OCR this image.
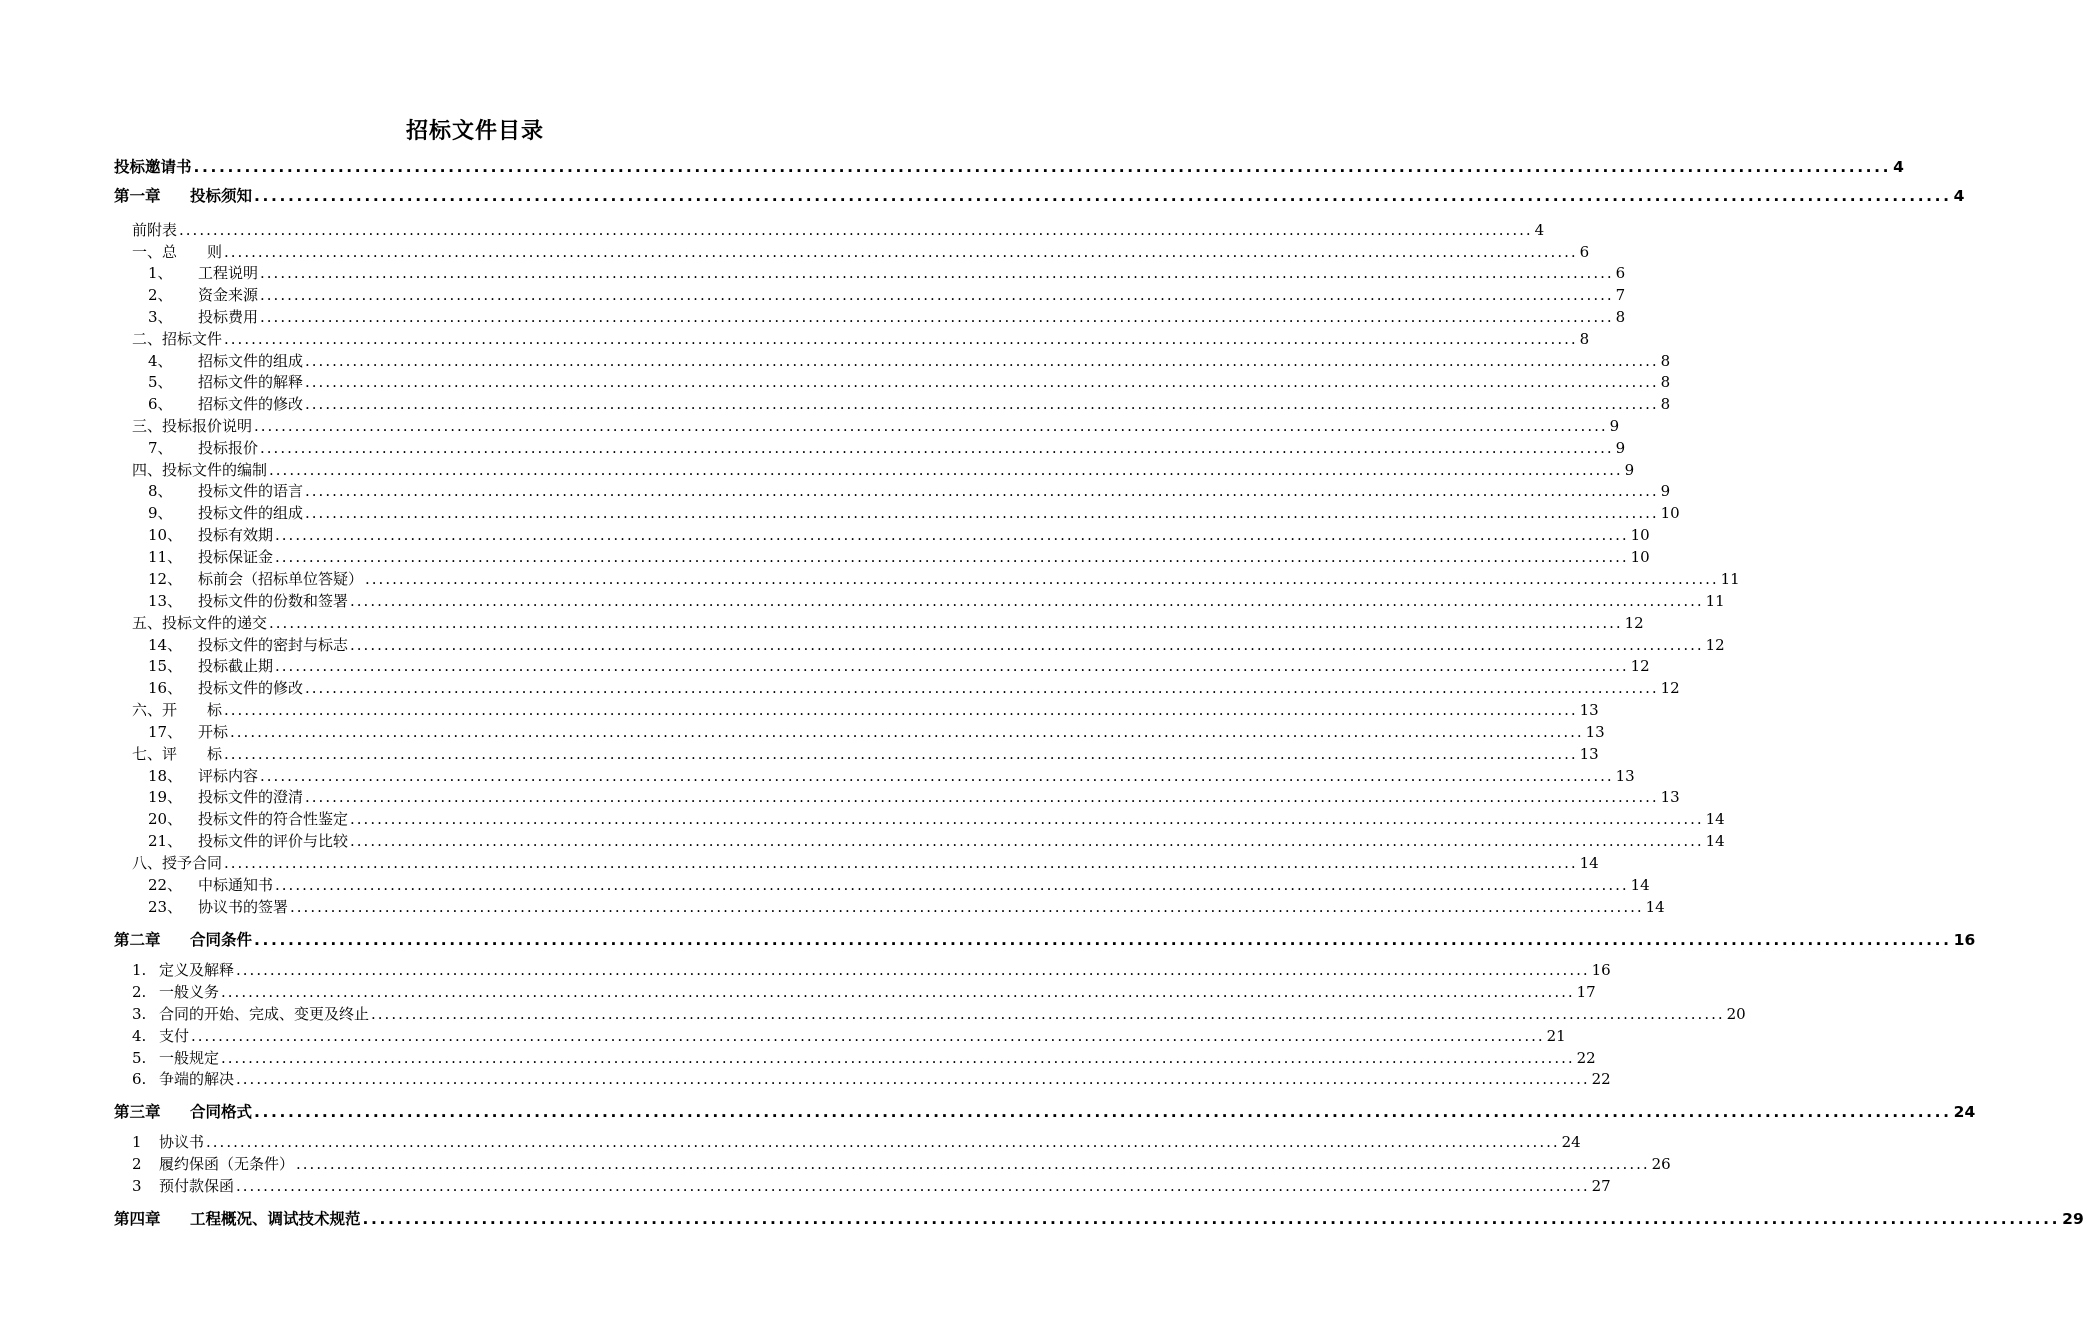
招标文件目录
投标邀请书 ........................................................................................................................................................................................................ 4
第一章	投标须知 ........................................................................................................................................................................................................ 4
前附表 ........................................................................................................................................................................................................ 4
一、总　　则 ........................................................................................................................................................................................................ 6
1、	工程说明 ........................................................................................................................................................................................................ 6
2、	资金来源 ........................................................................................................................................................................................................ 7
3、	投标费用 ........................................................................................................................................................................................................ 8
二、招标文件 ........................................................................................................................................................................................................ 8
4、	招标文件的组成 ........................................................................................................................................................................................................ 8
5、	招标文件的解释 ........................................................................................................................................................................................................ 8
6、	招标文件的修改 ........................................................................................................................................................................................................ 8
三、投标报价说明 ........................................................................................................................................................................................................ 9
7、	投标报价 ........................................................................................................................................................................................................ 9
四、投标文件的编制 ........................................................................................................................................................................................................ 9
8、	投标文件的语言 ........................................................................................................................................................................................................ 9
9、	投标文件的组成 ........................................................................................................................................................................................................ 10
10、	投标有效期 ........................................................................................................................................................................................................ 10
11、	投标保证金 ........................................................................................................................................................................................................ 10
12、	标前会（招标单位答疑） ........................................................................................................................................................................................................ 11
13、	投标文件的份数和签署 ........................................................................................................................................................................................................ 11
五、投标文件的递交 ........................................................................................................................................................................................................ 12
14、	投标文件的密封与标志 ........................................................................................................................................................................................................ 12
15、	投标截止期 ........................................................................................................................................................................................................ 12
16、	投标文件的修改 ........................................................................................................................................................................................................ 12
六、开　　标 ........................................................................................................................................................................................................ 13
17、	开标 ........................................................................................................................................................................................................ 13
七、评　　标 ........................................................................................................................................................................................................ 13
18、	评标内容 ........................................................................................................................................................................................................ 13
19、	投标文件的澄清 ........................................................................................................................................................................................................ 13
20、	投标文件的符合性鉴定 ........................................................................................................................................................................................................ 14
21、	投标文件的评价与比较 ........................................................................................................................................................................................................ 14
八、授予合同 ........................................................................................................................................................................................................ 14
22、	中标通知书 ........................................................................................................................................................................................................ 14
23、	协议书的签署 ........................................................................................................................................................................................................ 14
第二章	合同条件 ........................................................................................................................................................................................................ 16
1. 定义及解释 ........................................................................................................................................................................................................ 16
2. 一般义务 ........................................................................................................................................................................................................ 17
3. 合同的开始、完成、变更及终止 ........................................................................................................................................................................................................ 20
4. 支付 ........................................................................................................................................................................................................ 21
5. 一般规定 ........................................................................................................................................................................................................ 22
6. 争端的解决 ........................................................................................................................................................................................................ 22
第三章	合同格式 ........................................................................................................................................................................................................ 24
1	协议书 ........................................................................................................................................................................................................ 24
2	履约保函（无条件） ........................................................................................................................................................................................................ 26
3	预付款保函 ........................................................................................................................................................................................................ 27
第四章	工程概况、调试技术规范 ........................................................................................................................................................................................................ 29
